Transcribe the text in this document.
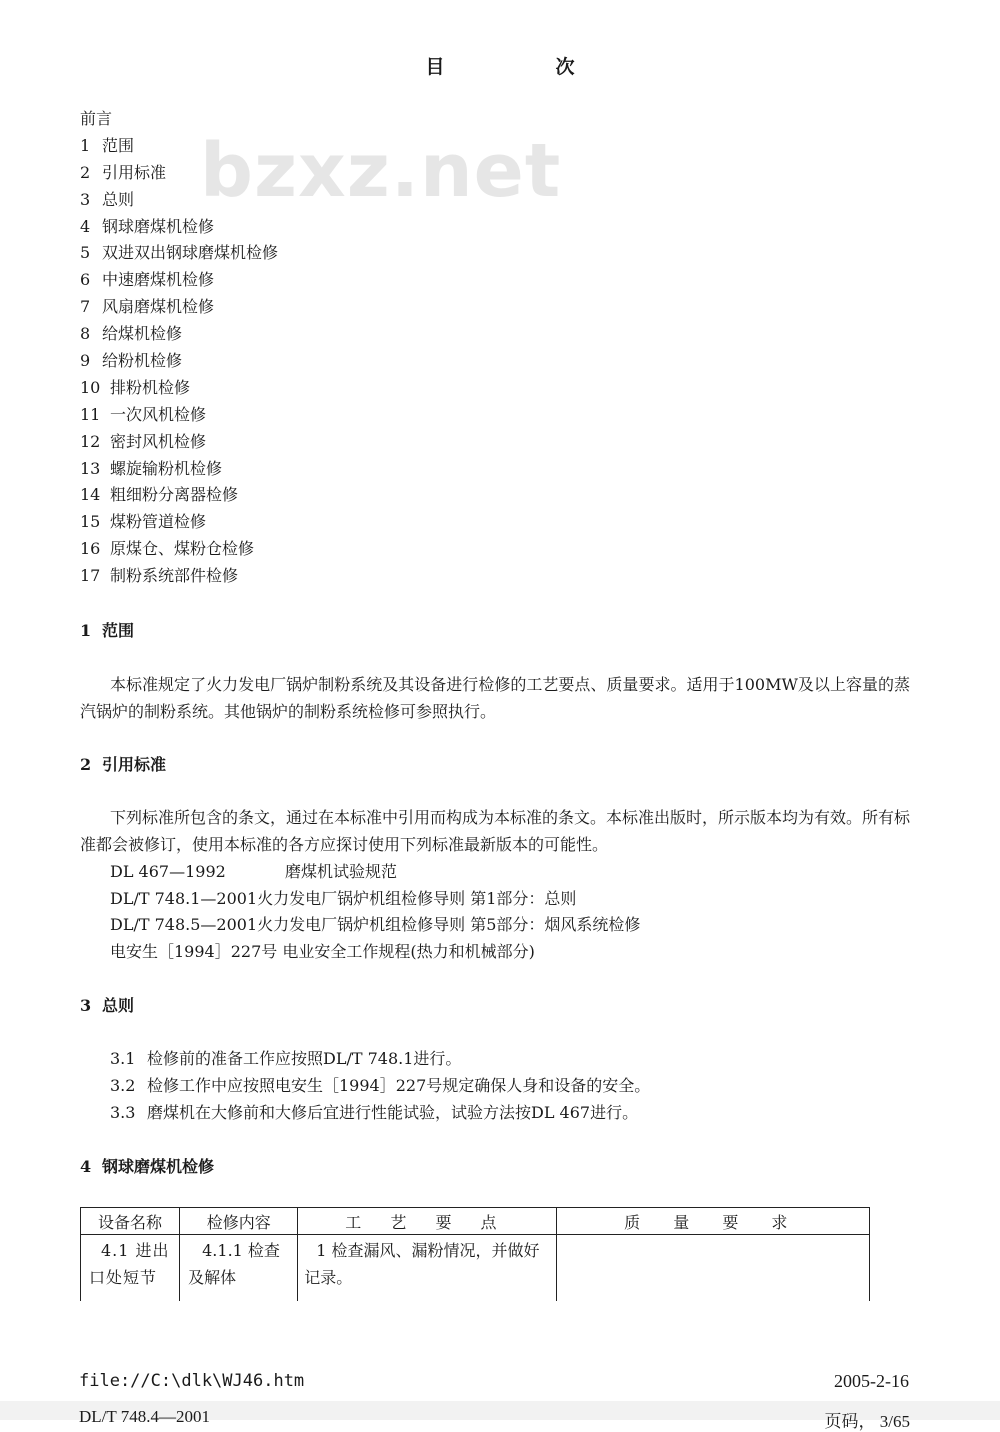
bzxz.net
目　次
前言
1 范围
2 引用标准
3 总则
4 钢球磨煤机检修
5 双进双出钢球磨煤机检修
6 中速磨煤机检修
7 风扇磨煤机检修
8 给煤机检修
9 给粉机检修
10 排粉机检修
11 一次风机检修
12 密封风机检修
13 螺旋输粉机检修
14 粗细粉分离器检修
15 煤粉管道检修
16 原煤仓、煤粉仓检修
17 制粉系统部件检修
1 范围
本标准规定了火力发电厂锅炉制粉系统及其设备进行检修的工艺要点、质量要求。适用于100MW及以上容量的蒸汽锅炉的制粉系统。其他锅炉的制粉系统检修可参照执行。
2 引用标准
下列标准所包含的条文，通过在本标准中引用而构成为本标准的条文。本标准出版时，所示版本均为有效。所有标准都会被修订，使用本标准的各方应探讨使用下列标准最新版本的可能性。
DL 467—1992	磨煤机试验规范
DL/T 748.1—2001火力发电厂锅炉机组检修导则 第1部分：总则
DL/T 748.5—2001火力发电厂锅炉机组检修导则 第5部分：烟风系统检修
电安生［1994］227号 电业安全工作规程(热力和机械部分)
3 总则
3.1 检修前的准备工作应按照DL/T 748.1进行。
3.2 检修工作中应按照电安生［1994］227号规定确保人身和设备的安全。
3.3 磨煤机在大修前和大修后宜进行性能试验，试验方法按DL 467进行。
4 钢球磨煤机检修
设备名称	检修内容	工 艺 要 点	质 量 要 求
4.1 进出口处短节	4.1.1 检查及解体	1 检查漏风、漏粉情况，并做好记录。	
file://C:\dlk\WJ46.htm	2005-2-16
DL/T 748.4—2001	页码， 3/65
